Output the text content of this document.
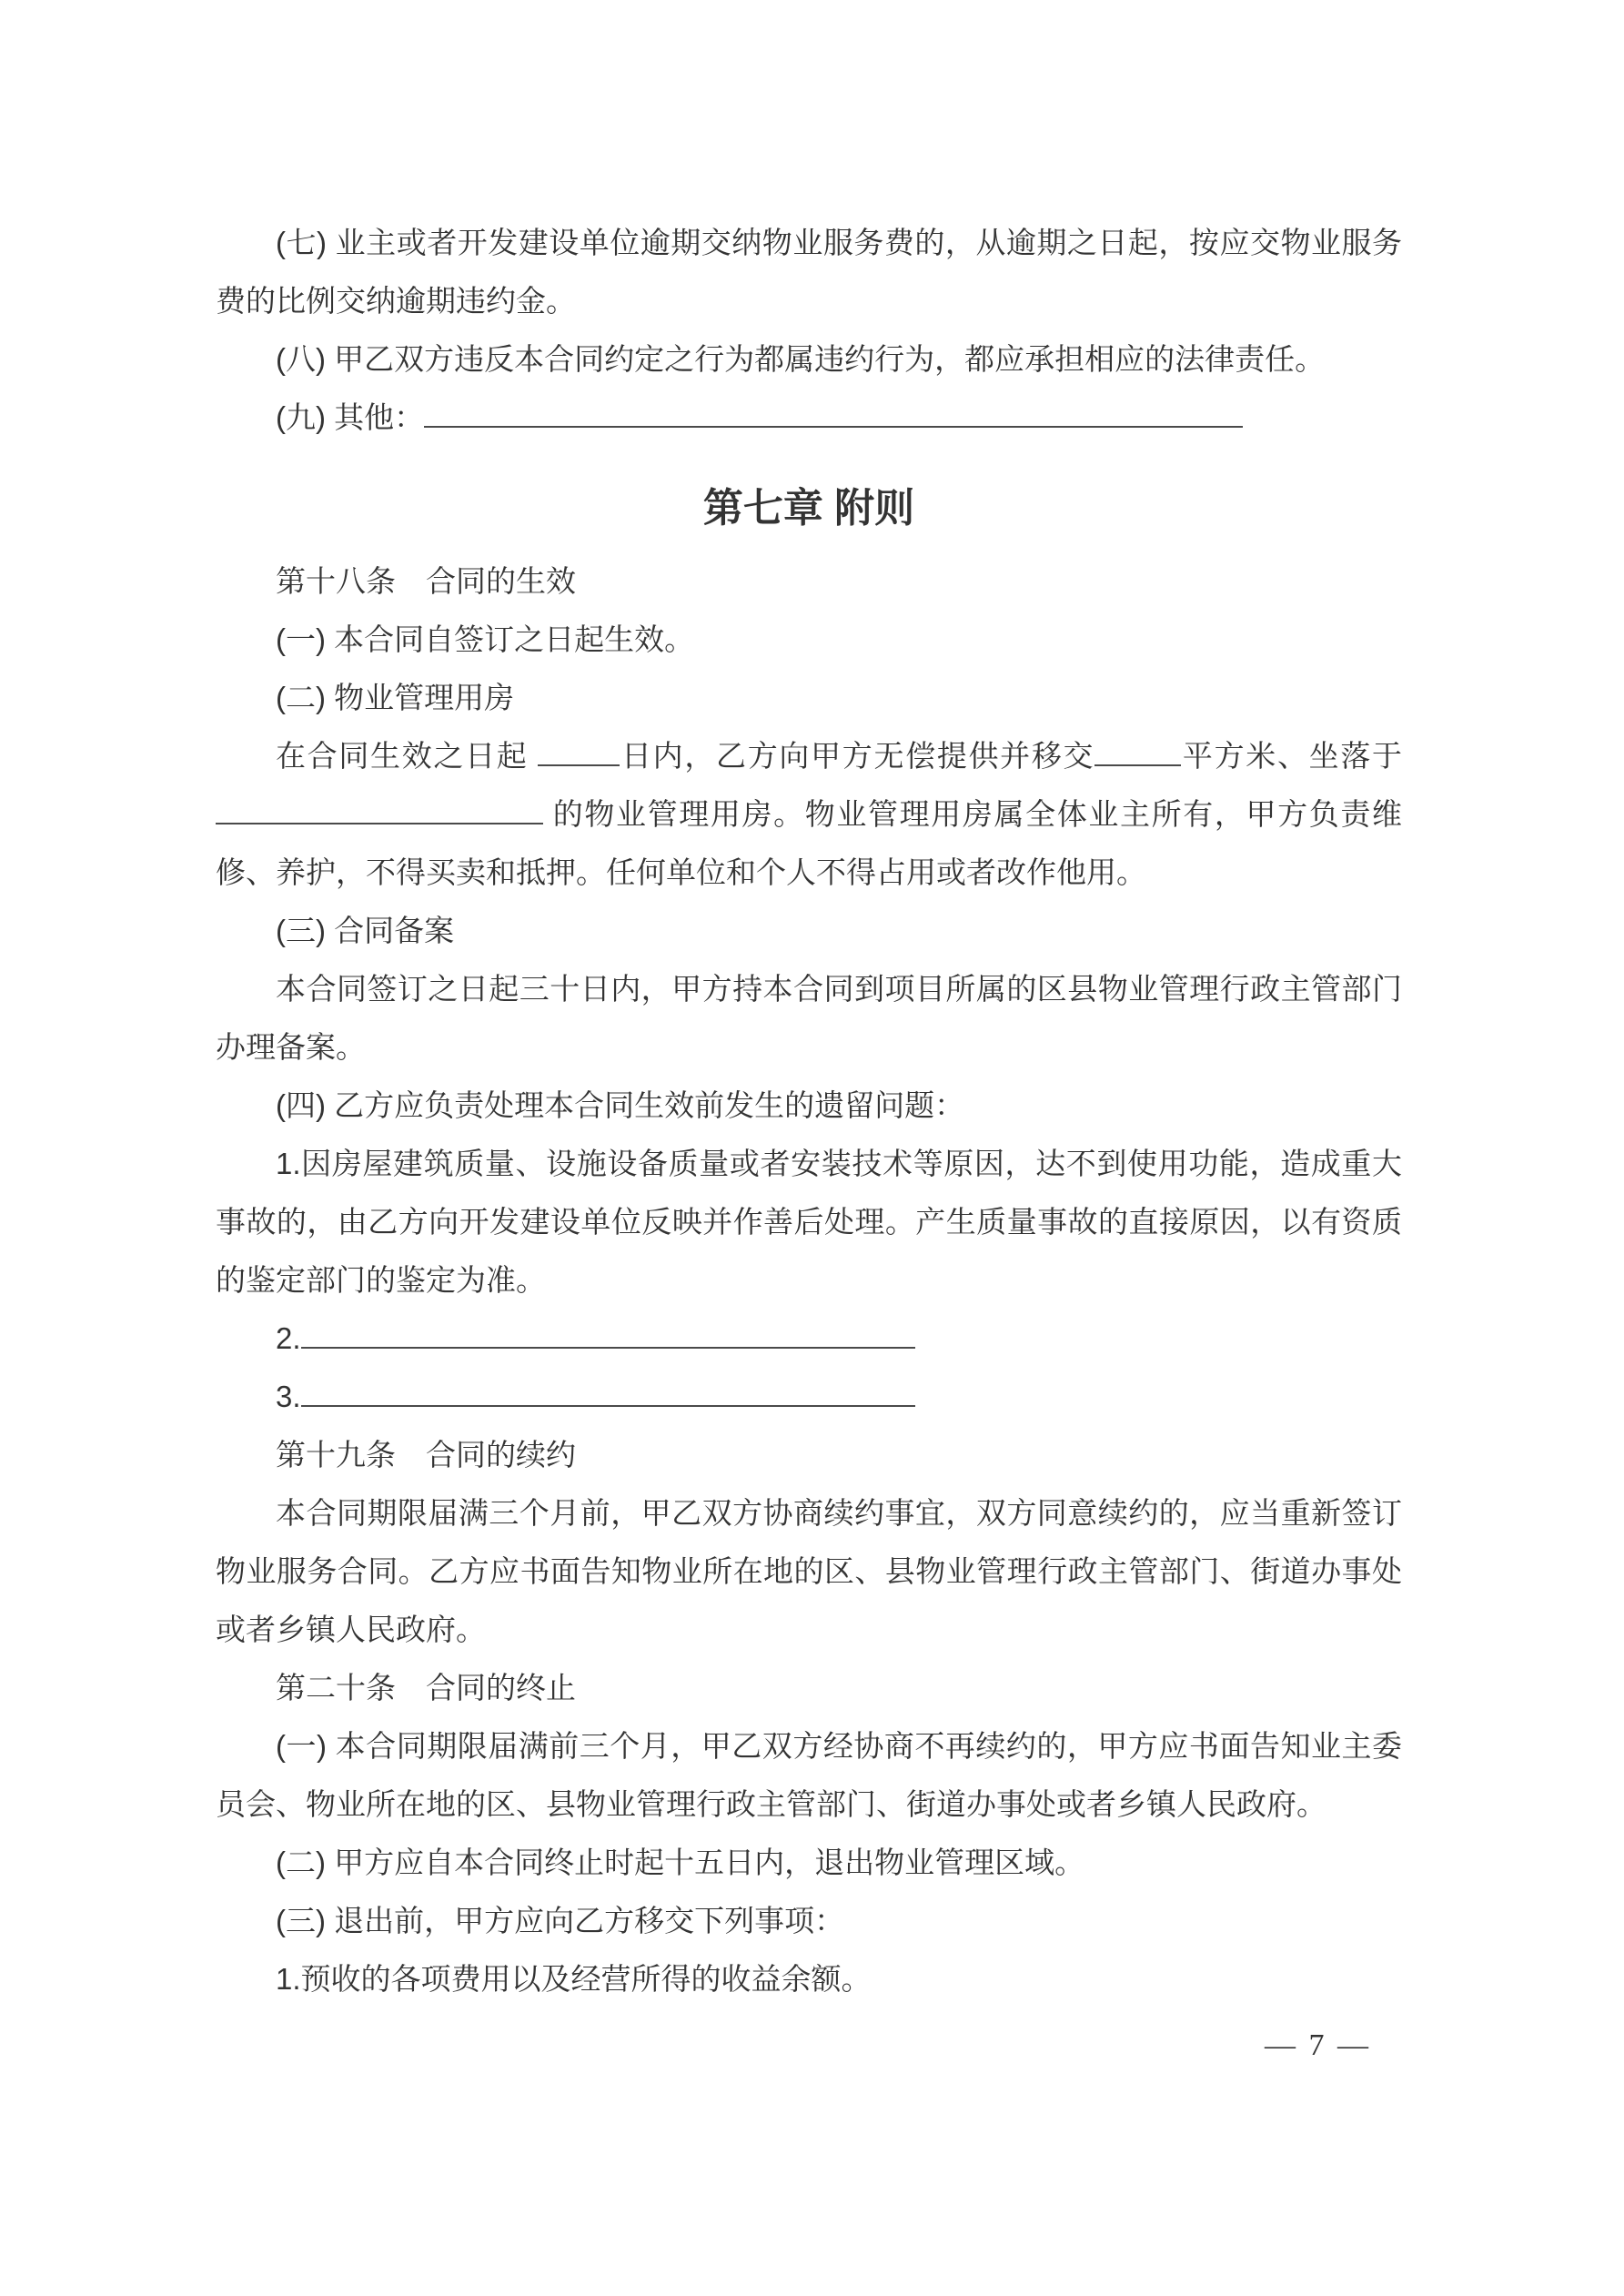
(七) 业主或者开发建设单位逾期交纳物业服务费的，从逾期之日起，按应交物业服务费的比例交纳逾期违约金。

(八) 甲乙双方违反本合同约定之行为都属违约行为，都应承担相应的法律责任。

(九) 其他：

第七章 附则

第十八条　合同的生效

(一) 本合同自签订之日起生效。

(二) 物业管理用房

在合同生效之日起	日内，乙方向甲方无偿提供并移交	平方米、坐落于 的物业管理用房。物业管理用房属全体业主所有，甲方负责维修、养护，不得买卖和抵押。任何单位和个人不得占用或者改作他用。

(三) 合同备案

本合同签订之日起三十日内，甲方持本合同到项目所属的区县物业管理行政主管部门办理备案。

(四) 乙方应负责处理本合同生效前发生的遗留问题：

1.因房屋建筑质量、设施设备质量或者安装技术等原因，达不到使用功能，造成重大事故的，由乙方向开发建设单位反映并作善后处理。产生质量事故的直接原因，以有资质的鉴定部门的鉴定为准。

2.

3.

第十九条　合同的续约

本合同期限届满三个月前，甲乙双方协商续约事宜，双方同意续约的，应当重新签订物业服务合同。乙方应书面告知物业所在地的区、县物业管理行政主管部门、街道办事处或者乡镇人民政府。

第二十条　合同的终止

(一) 本合同期限届满前三个月，甲乙双方经协商不再续约的，甲方应书面告知业主委员会、物业所在地的区、县物业管理行政主管部门、街道办事处或者乡镇人民政府。

(二) 甲方应自本合同终止时起十五日内，退出物业管理区域。

(三) 退出前，甲方应向乙方移交下列事项：

1.预收的各项费用以及经营所得的收益余额。

— 7 —
